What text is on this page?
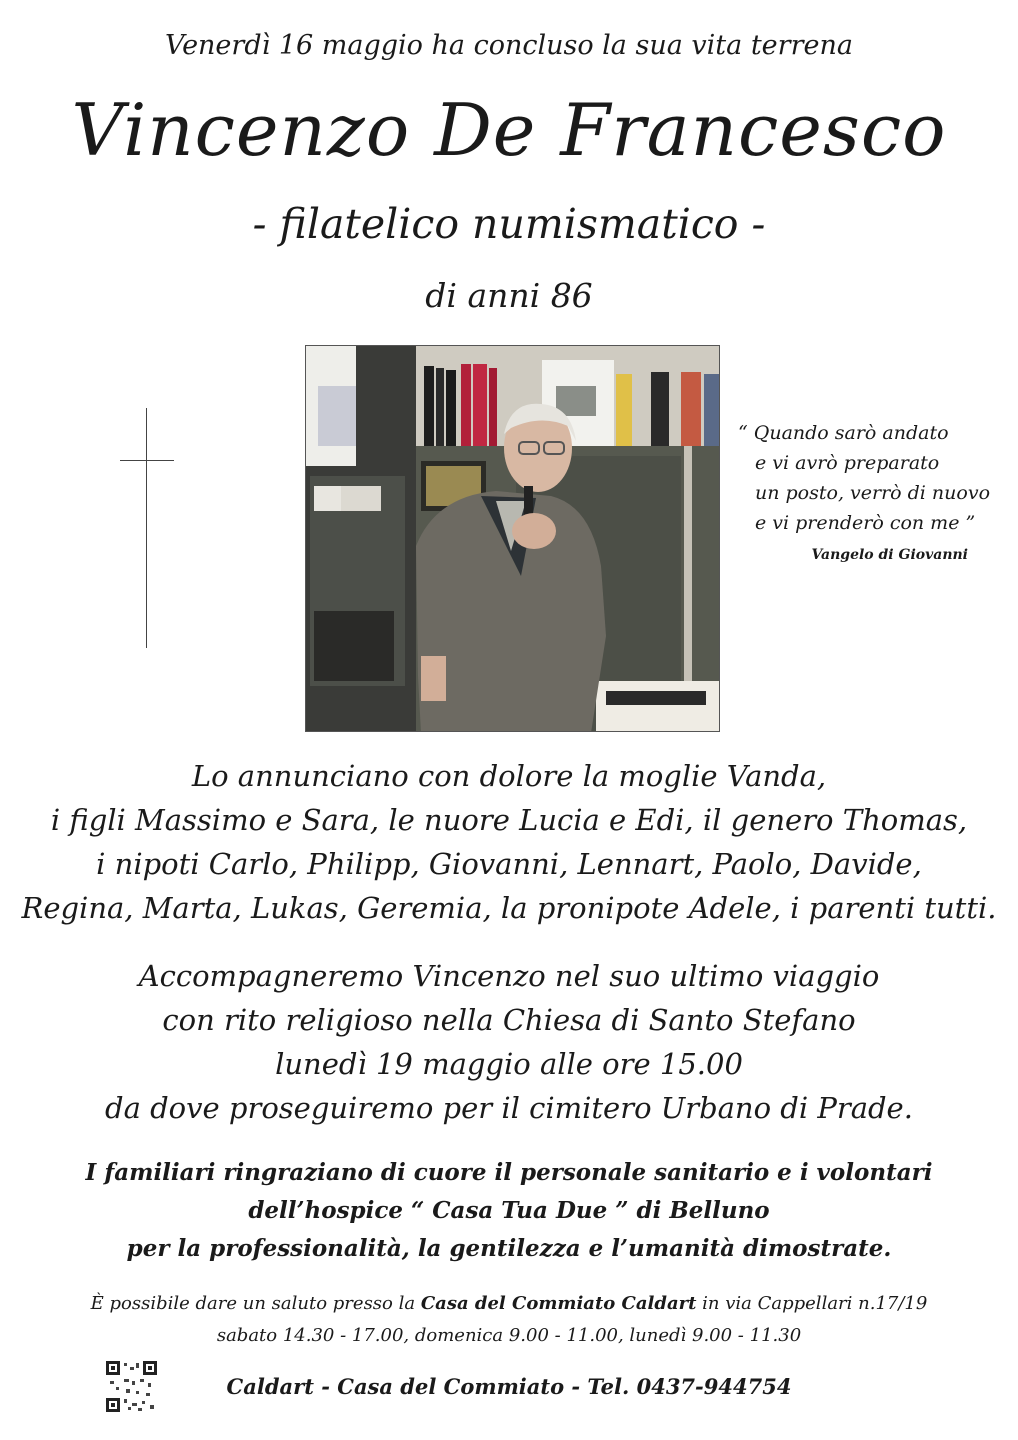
Venerdì 16 maggio ha concluso la sua vita terrena
Vincenzo De Francesco
- filatelico numismatico -
di anni 86
“ Quando sarò andato
e vi avrò preparato
un posto, verrò di nuovo
e vi prenderò con me ”
Vangelo di Giovanni
Lo annunciano con dolore la moglie Vanda,
i figli Massimo e Sara, le nuore Lucia e Edi, il genero Thomas,
i nipoti Carlo, Philipp, Giovanni, Lennart, Paolo, Davide,
Regina, Marta, Lukas, Geremia, la pronipote Adele, i parenti tutti.
Accompagneremo Vincenzo nel suo ultimo viaggio
con rito religioso nella Chiesa di Santo Stefano
lunedì 19 maggio alle ore 15.00
da dove proseguiremo per il cimitero Urbano di Prade.
I familiari ringraziano di cuore il personale sanitario e i volontari
dell’hospice “ Casa Tua Due ” di Belluno
per la professionalità, la gentilezza e l’umanità dimostrate.
È possibile dare un saluto presso la Casa del Commiato Caldart in via Cappellari n.17/19
sabato 14.30 - 17.00, domenica 9.00 - 11.00, lunedì 9.00 - 11.30
Caldart - Casa del Commiato - Tel. 0437-944754
